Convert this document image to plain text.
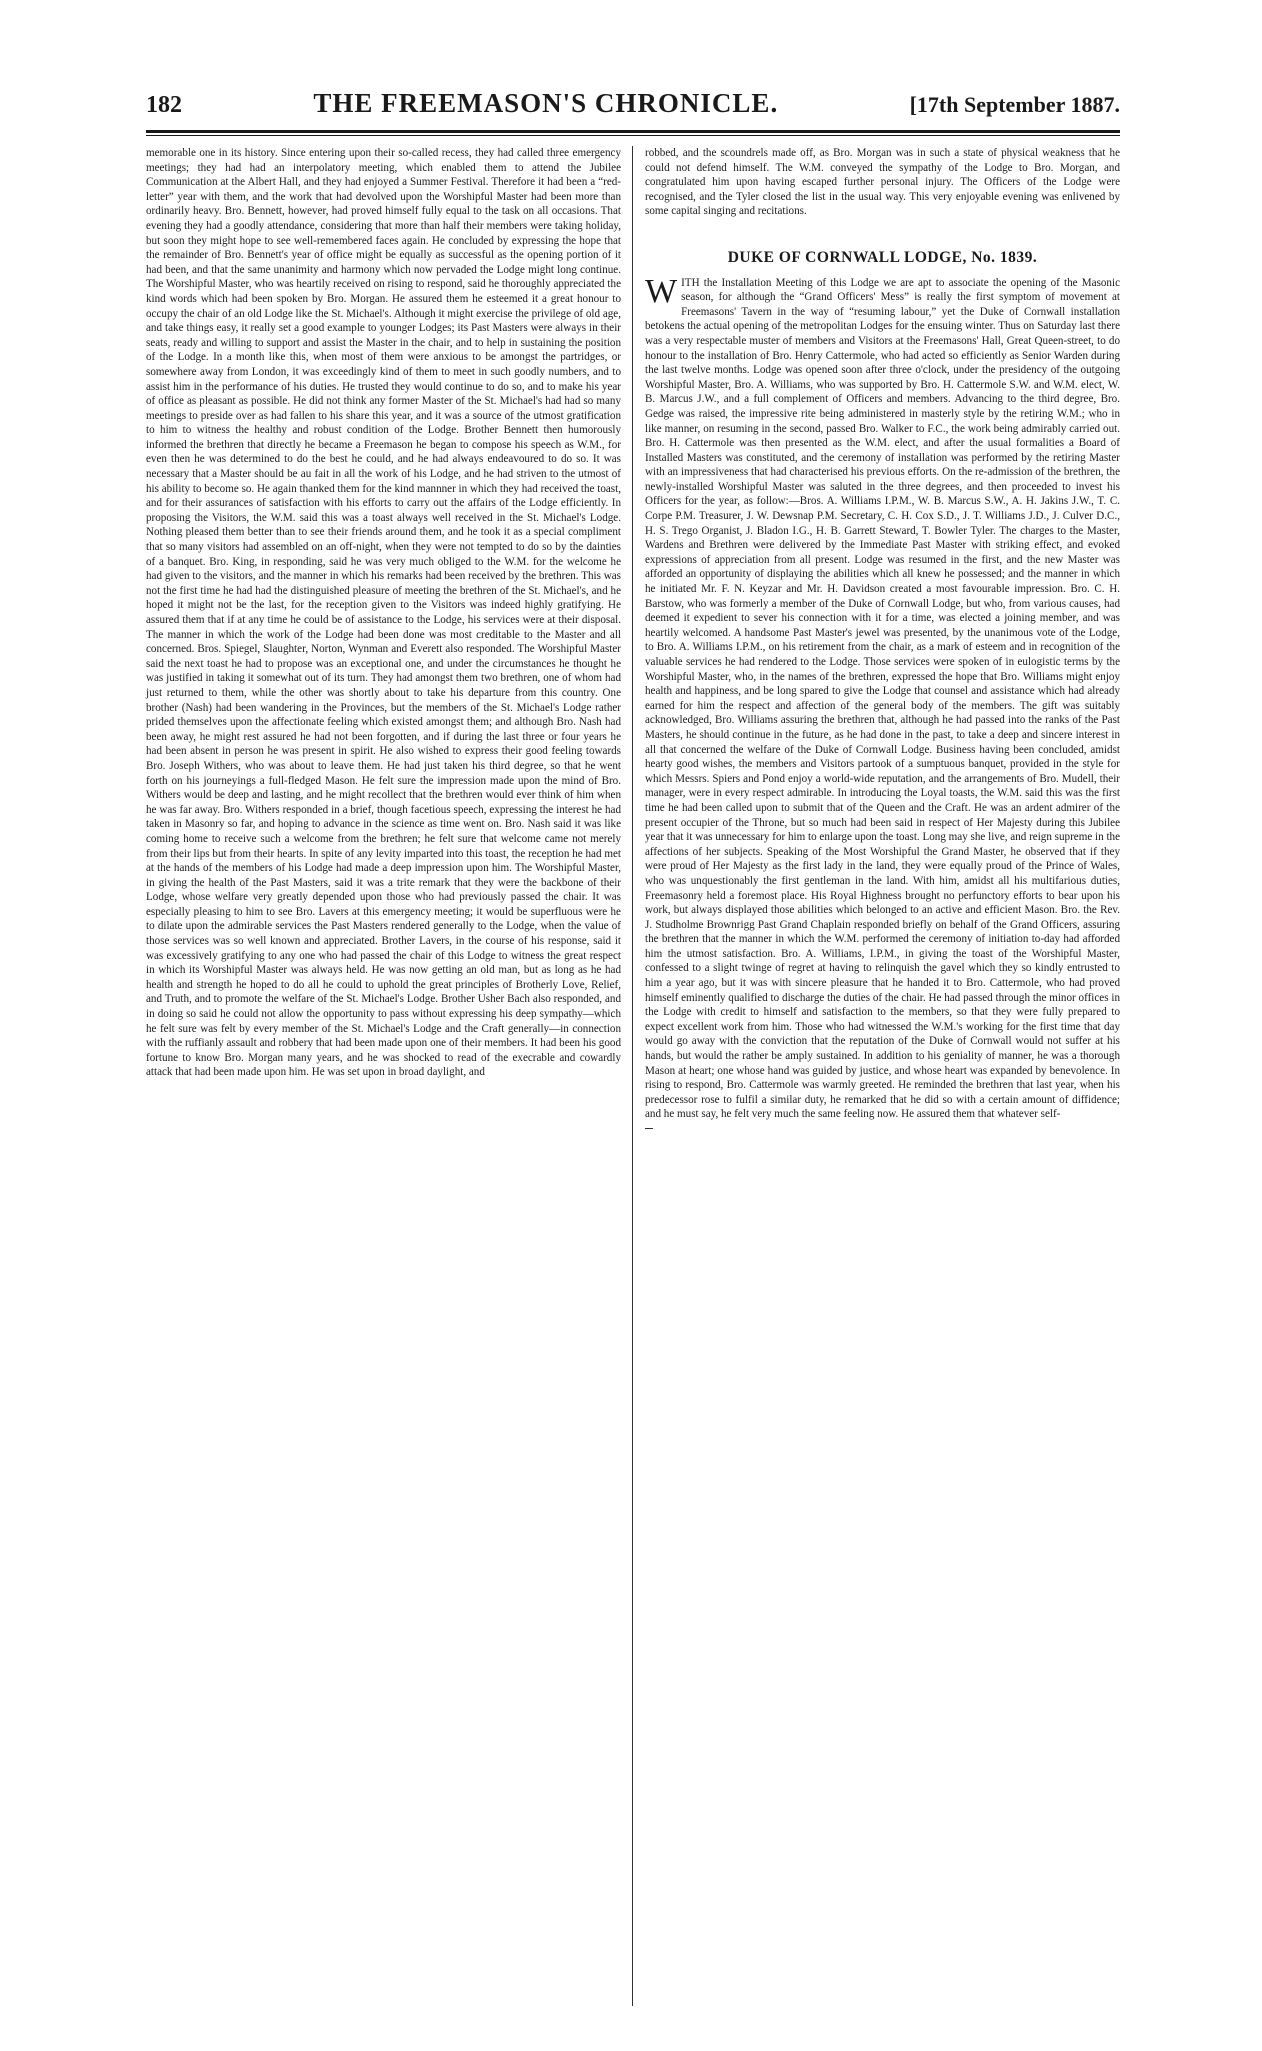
182	THE FREEMASON'S CHRONICLE.	[17th September 1887.

memorable one in its history. Since entering upon their so-called recess, they had called three emergency meetings; they had had an interpolatory meeting, which enabled them to attend the Jubilee Communication at the Albert Hall, and they had enjoyed a Summer Festival. Therefore it had been a “red-letter” year with them, and the work that had devolved upon the Worshipful Master had been more than ordinarily heavy. Bro. Bennett, however, had proved himself fully equal to the task on all occasions. That evening they had a goodly attendance, considering that more than half their members were taking holiday, but soon they might hope to see well-remembered faces again. He concluded by expressing the hope that the remainder of Bro. Bennett's year of office might be equally as successful as the opening portion of it had been, and that the same unanimity and harmony which now pervaded the Lodge might long continue. The Worshipful Master, who was heartily received on rising to respond, said he thoroughly appreciated the kind words which had been spoken by Bro. Morgan. He assured them he esteemed it a great honour to occupy the chair of an old Lodge like the St. Michael's. Although it might exercise the privilege of old age, and take things easy, it really set a good example to younger Lodges; its Past Masters were always in their seats, ready and willing to support and assist the Master in the chair, and to help in sustaining the position of the Lodge. In a month like this, when most of them were anxious to be amongst the partridges, or somewhere away from London, it was exceedingly kind of them to meet in such goodly numbers, and to assist him in the performance of his duties. He trusted they would continue to do so, and to make his year of office as pleasant as possible. He did not think any former Master of the St. Michael's had had so many meetings to preside over as had fallen to his share this year, and it was a source of the utmost gratification to him to witness the healthy and robust condition of the Lodge. Brother Bennett then humorously informed the brethren that directly he became a Freemason he began to compose his speech as W.M., for even then he was determined to do the best he could, and he had always endeavoured to do so. It was necessary that a Master should be au fait in all the work of his Lodge, and he had striven to the utmost of his ability to become so. He again thanked them for the kind mannner in which they had received the toast, and for their assurances of satisfaction with his efforts to carry out the affairs of the Lodge efficiently. In proposing the Visitors, the W.M. said this was a toast always well received in the St. Michael's Lodge. Nothing pleased them better than to see their friends around them, and he took it as a special compliment that so many visitors had assembled on an off-night, when they were not tempted to do so by the dainties of a banquet. Bro. King, in responding, said he was very much obliged to the W.M. for the welcome he had given to the visitors, and the manner in which his remarks had been received by the brethren. This was not the first time he had had the distinguished pleasure of meeting the brethren of the St. Michael's, and he hoped it might not be the last, for the reception given to the Visitors was indeed highly gratifying. He assured them that if at any time he could be of assistance to the Lodge, his services were at their disposal. The manner in which the work of the Lodge had been done was most creditable to the Master and all concerned. Bros. Spiegel, Slaughter, Norton, Wynman and Everett also responded. The Worshipful Master said the next toast he had to propose was an exceptional one, and under the circumstances he thought he was justified in taking it somewhat out of its turn. They had amongst them two brethren, one of whom had just returned to them, while the other was shortly about to take his departure from this country. One brother (Nash) had been wandering in the Provinces, but the members of the St. Michael's Lodge rather prided themselves upon the affectionate feeling which existed amongst them; and although Bro. Nash had been away, he might rest assured he had not been forgotten, and if during the last three or four years he had been absent in person he was present in spirit. He also wished to express their good feeling towards Bro. Joseph Withers, who was about to leave them. He had just taken his third degree, so that he went forth on his journeyings a full-fledged Mason. He felt sure the impression made upon the mind of Bro. Withers would be deep and lasting, and he might recollect that the brethren would ever think of him when he was far away. Bro. Withers responded in a brief, though facetious speech, expressing the interest he had taken in Masonry so far, and hoping to advance in the science as time went on. Bro. Nash said it was like coming home to receive such a welcome from the brethren; he felt sure that welcome came not merely from their lips but from their hearts. In spite of any levity imparted into this toast, the reception he had met at the hands of the members of his Lodge had made a deep impression upon him. The Worshipful Master, in giving the health of the Past Masters, said it was a trite remark that they were the backbone of their Lodge, whose welfare very greatly depended upon those who had previously passed the chair. It was especially pleasing to him to see Bro. Lavers at this emergency meeting; it would be superfluous were he to dilate upon the admirable services the Past Masters rendered generally to the Lodge, when the value of those services was so well known and appreciated. Brother Lavers, in the course of his response, said it was excessively gratifying to any one who had passed the chair of this Lodge to witness the great respect in which its Worshipful Master was always held. He was now getting an old man, but as long as he had health and strength he hoped to do all he could to uphold the great principles of Brotherly Love, Relief, and Truth, and to promote the welfare of the St. Michael's Lodge. Brother Usher Bach also responded, and in doing so said he could not allow the opportunity to pass without expressing his deep sympathy—which he felt sure was felt by every member of the St. Michael's Lodge and the Craft generally—in connection with the ruffianly assault and robbery that had been made upon one of their members. It had been his good fortune to know Bro. Morgan many years, and he was shocked to read of the execrable and cowardly attack that had been made upon him. He was set upon in broad daylight, and

robbed, and the scoundrels made off, as Bro. Morgan was in such a state of physical weakness that he could not defend himself. The W.M. conveyed the sympathy of the Lodge to Bro. Morgan, and congratulated him upon having escaped further personal injury. The Officers of the Lodge were recognised, and the Tyler closed the list in the usual way. This very enjoyable evening was enlivened by some capital singing and recitations.

DUKE OF CORNWALL LODGE, No. 1839.

WITH the Installation Meeting of this Lodge we are apt to associate the opening of the Masonic season, for although the “Grand Officers' Mess” is really the first symptom of movement at Freemasons' Tavern in the way of “resuming labour,” yet the Duke of Cornwall installation betokens the actual opening of the metropolitan Lodges for the ensuing winter. Thus on Saturday last there was a very respectable muster of members and Visitors at the Freemasons' Hall, Great Queen-street, to do honour to the installation of Bro. Henry Cattermole, who had acted so efficiently as Senior Warden during the last twelve months. Lodge was opened soon after three o'clock, under the presidency of the outgoing Worshipful Master, Bro. A. Williams, who was supported by Bro. H. Cattermole S.W. and W.M. elect, W. B. Marcus J.W., and a full complement of Officers and members. Advancing to the third degree, Bro. Gedge was raised, the impressive rite being administered in masterly style by the retiring W.M.; who in like manner, on resuming in the second, passed Bro. Walker to F.C., the work being admirably carried out. Bro. H. Cattermole was then presented as the W.M. elect, and after the usual formalities a Board of Installed Masters was constituted, and the ceremony of installation was performed by the retiring Master with an impressiveness that had characterised his previous efforts. On the re-admission of the brethren, the newly-installed Worshipful Master was saluted in the three degrees, and then proceeded to invest his Officers for the year, as follow:—Bros. A. Williams I.P.M., W. B. Marcus S.W., A. H. Jakins J.W., T. C. Corpe P.M. Treasurer, J. W. Dewsnap P.M. Secretary, C. H. Cox S.D., J. T. Williams J.D., J. Culver D.C., H. S. Trego Organist, J. Bladon I.G., H. B. Garrett Steward, T. Bowler Tyler. The charges to the Master, Wardens and Brethren were delivered by the Immediate Past Master with striking effect, and evoked expressions of appreciation from all present. Lodge was resumed in the first, and the new Master was afforded an opportunity of displaying the abilities which all knew he possessed; and the manner in which he initiated Mr. F. N. Keyzar and Mr. H. Davidson created a most favourable impression. Bro. C. H. Barstow, who was formerly a member of the Duke of Cornwall Lodge, but who, from various causes, had deemed it expedient to sever his connection with it for a time, was elected a joining member, and was heartily welcomed. A handsome Past Master's jewel was presented, by the unanimous vote of the Lodge, to Bro. A. Williams I.P.M., on his retirement from the chair, as a mark of esteem and in recognition of the valuable services he had rendered to the Lodge. Those services were spoken of in eulogistic terms by the Worshipful Master, who, in the names of the brethren, expressed the hope that Bro. Williams might enjoy health and happiness, and be long spared to give the Lodge that counsel and assistance which had already earned for him the respect and affection of the general body of the members. The gift was suitably acknowledged, Bro. Williams assuring the brethren that, although he had passed into the ranks of the Past Masters, he should continue in the future, as he had done in the past, to take a deep and sincere interest in all that concerned the welfare of the Duke of Cornwall Lodge. Business having been concluded, amidst hearty good wishes, the members and Visitors partook of a sumptuous banquet, provided in the style for which Messrs. Spiers and Pond enjoy a world-wide reputation, and the arrangements of Bro. Mudell, their manager, were in every respect admirable. In introducing the Loyal toasts, the W.M. said this was the first time he had been called upon to submit that of the Queen and the Craft. He was an ardent admirer of the present occupier of the Throne, but so much had been said in respect of Her Majesty during this Jubilee year that it was unnecessary for him to enlarge upon the toast. Long may she live, and reign supreme in the affections of her subjects. Speaking of the Most Worshipful the Grand Master, he observed that if they were proud of Her Majesty as the first lady in the land, they were equally proud of the Prince of Wales, who was unquestionably the first gentleman in the land. With him, amidst all his multifarious duties, Freemasonry held a foremost place. His Royal Highness brought no perfunctory efforts to bear upon his work, but always displayed those abilities which belonged to an active and efficient Mason. Bro. the Rev. J. Studholme Brownrigg Past Grand Chaplain responded briefly on behalf of the Grand Officers, assuring the brethren that the manner in which the W.M. performed the ceremony of initiation to-day had afforded him the utmost satisfaction. Bro. A. Williams, I.P.M., in giving the toast of the Worshipful Master, confessed to a slight twinge of regret at having to relinquish the gavel which they so kindly entrusted to him a year ago, but it was with sincere pleasure that he handed it to Bro. Cattermole, who had proved himself eminently qualified to discharge the duties of the chair. He had passed through the minor offices in the Lodge with credit to himself and satisfaction to the members, so that they were fully prepared to expect excellent work from him. Those who had witnessed the W.M.'s working for the first time that day would go away with the conviction that the reputation of the Duke of Cornwall would not suffer at his hands, but would the rather be amply sustained. In addition to his geniality of manner, he was a thorough Mason at heart; one whose hand was guided by justice, and whose heart was expanded by benevolence. In rising to respond, Bro. Cattermole was warmly greeted. He reminded the brethren that last year, when his predecessor rose to fulfil a similar duty, he remarked that he did so with a certain amount of diffidence; and he must say, he felt very much the same feeling now. He assured them that whatever self-
